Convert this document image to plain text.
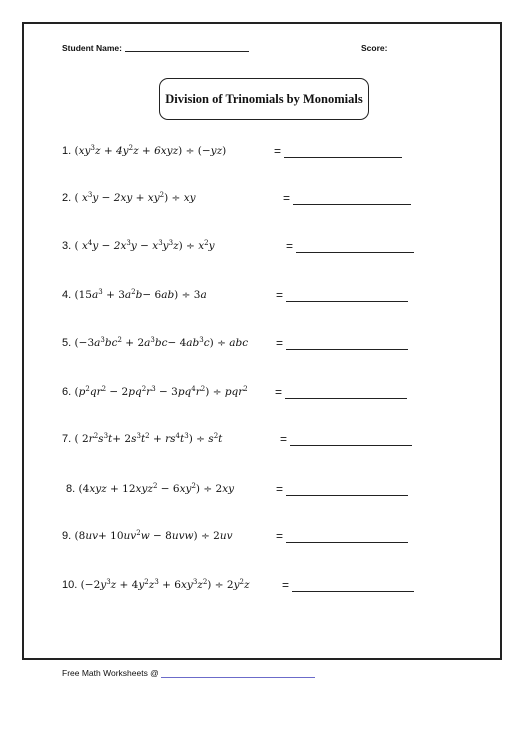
Student Name:	Score:
Division of Trinomials by Monomials
1. $(xy^3z + 4y^2z + 6xyz) \div (-yz)$	=
2. ( $x^3y - 2xy + xy^2$) ÷ xy	=
3. ( $x^4y - 2x^3y - x^3y^3z) \div x^2y$	=
4. $(15a^3 + 3a^2b- 6ab) \div 3a$	=
5. $(-3a^3bc^2 + 2a^3bc- 4ab^3c)$ ÷ abc =
6. $(p^2qr^2 - 2pq^2r^3 - 3pq^4r^2) \div pqr^2$ =
7. ( $2r^2s^3t+ 2s^3t^2 + rs^4t^3) \div s^2t$	=
8. $(4xyz + 12xyz^2 - 6xy^2) \div 2xy$	=
9. $(8uv+ 10uv^2w - 8uvw) \div 2uv$	=
10. $(-2y^3z + 4y^2z^3 + 6xy^3z^2) \div 2y^2z$	=
Free Math Worksheets @
